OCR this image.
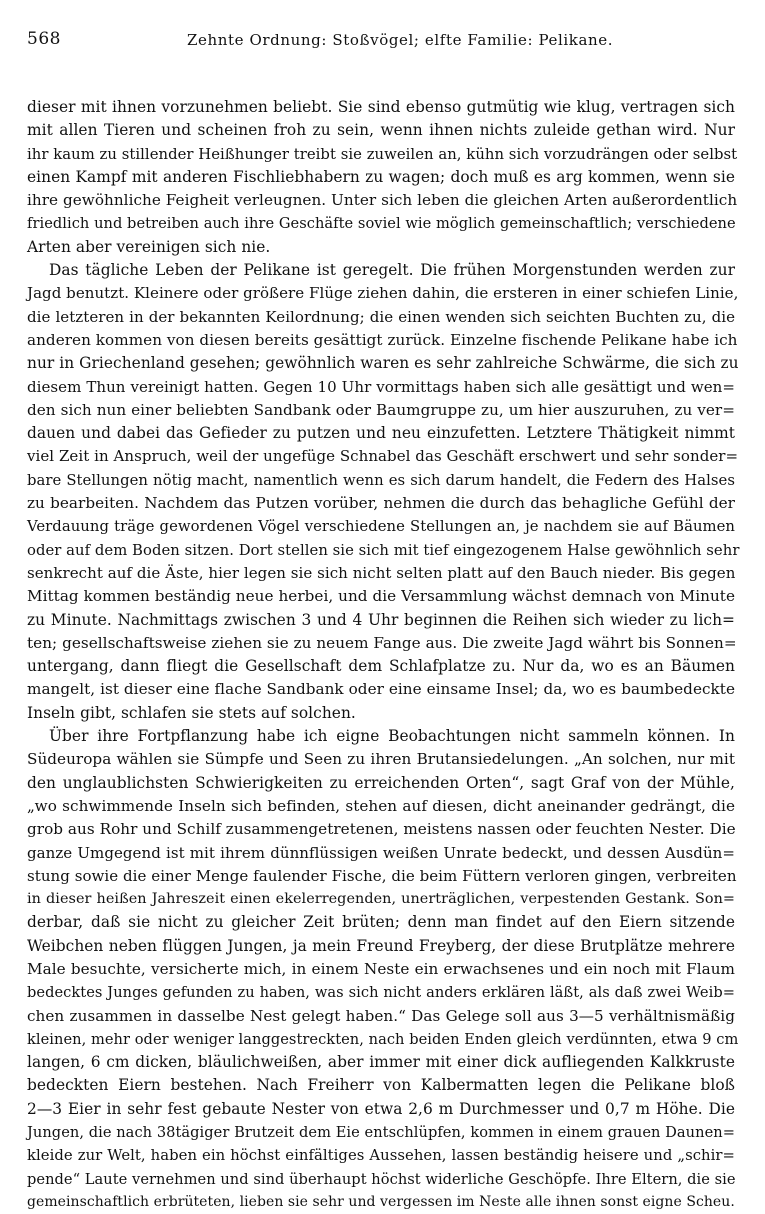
568	Zehnte Ordnung: Stoßvögel; elfte Familie: Pelikane.
dieser mit ihnen vorzunehmen beliebt. Sie sind ebenso gutmütig wie klug, vertragen sich
mit allen Tieren und scheinen froh zu sein, wenn ihnen nichts zuleide gethan wird. Nur
ihr kaum zu stillender Heißhunger treibt sie zuweilen an, kühn sich vorzudrängen oder selbst
einen Kampf mit anderen Fischliebhabern zu wagen; doch muß es arg kommen, wenn sie
ihre gewöhnliche Feigheit verleugnen. Unter sich leben die gleichen Arten außerordentlich
friedlich und betreiben auch ihre Geschäfte soviel wie möglich gemeinschaftlich; verschiedene
Arten aber vereinigen sich nie.
Das tägliche Leben der Pelikane ist geregelt. Die frühen Morgenstunden werden zur
Jagd benutzt. Kleinere oder größere Flüge ziehen dahin, die ersteren in einer schiefen Linie,
die letzteren in der bekannten Keilordnung; die einen wenden sich seichten Buchten zu, die
anderen kommen von diesen bereits gesättigt zurück. Einzelne fischende Pelikane habe ich
nur in Griechenland gesehen; gewöhnlich waren es sehr zahlreiche Schwärme, die sich zu
diesem Thun vereinigt hatten. Gegen 10 Uhr vormittags haben sich alle gesättigt und wen=
den sich nun einer beliebten Sandbank oder Baumgruppe zu, um hier auszuruhen, zu ver=
dauen und dabei das Gefieder zu putzen und neu einzufetten. Letztere Thätigkeit nimmt
viel Zeit in Anspruch, weil der ungefüge Schnabel das Geschäft erschwert und sehr sonder=
bare Stellungen nötig macht, namentlich wenn es sich darum handelt, die Federn des Halses
zu bearbeiten. Nachdem das Putzen vorüber, nehmen die durch das behagliche Gefühl der
Verdauung träge gewordenen Vögel verschiedene Stellungen an, je nachdem sie auf Bäumen
oder auf dem Boden sitzen. Dort stellen sie sich mit tief eingezogenem Halse gewöhnlich sehr
senkrecht auf die Äste, hier legen sie sich nicht selten platt auf den Bauch nieder. Bis gegen
Mittag kommen beständig neue herbei, und die Versammlung wächst demnach von Minute
zu Minute. Nachmittags zwischen 3 und 4 Uhr beginnen die Reihen sich wieder zu lich=
ten; gesellschaftsweise ziehen sie zu neuem Fange aus. Die zweite Jagd währt bis Sonnen=
untergang, dann fliegt die Gesellschaft dem Schlafplatze zu. Nur da, wo es an Bäumen
mangelt, ist dieser eine flache Sandbank oder eine einsame Insel; da, wo es baumbedeckte
Inseln gibt, schlafen sie stets auf solchen.
Über ihre Fortpflanzung habe ich eigne Beobachtungen nicht sammeln können. In
Südeuropa wählen sie Sümpfe und Seen zu ihren Brutansiedelungen. „An solchen, nur mit
den unglaublichsten Schwierigkeiten zu erreichenden Orten“, sagt Graf von der Mühle,
„wo schwimmende Inseln sich befinden, stehen auf diesen, dicht aneinander gedrängt, die
grob aus Rohr und Schilf zusammengetretenen, meistens nassen oder feuchten Nester. Die
ganze Umgegend ist mit ihrem dünnflüssigen weißen Unrate bedeckt, und dessen Ausdün=
stung sowie die einer Menge faulender Fische, die beim Füttern verloren gingen, verbreiten
in dieser heißen Jahreszeit einen ekelerregenden, unerträglichen, verpestenden Gestank. Son=
derbar, daß sie nicht zu gleicher Zeit brüten; denn man findet auf den Eiern sitzende
Weibchen neben flüggen Jungen, ja mein Freund Freyberg, der diese Brutplätze mehrere
Male besuchte, versicherte mich, in einem Neste ein erwachsenes und ein noch mit Flaum
bedecktes Junges gefunden zu haben, was sich nicht anders erklären läßt, als daß zwei Weib=
chen zusammen in dasselbe Nest gelegt haben.“ Das Gelege soll aus 3—5 verhältnismäßig
kleinen, mehr oder weniger langgestreckten, nach beiden Enden gleich verdünnten, etwa 9 cm
langen, 6 cm dicken, bläulichweißen, aber immer mit einer dick aufliegenden Kalkkruste
bedeckten Eiern bestehen. Nach Freiherr von Kalbermatten legen die Pelikane bloß
2—3 Eier in sehr fest gebaute Nester von etwa 2,6 m Durchmesser und 0,7 m Höhe. Die
Jungen, die nach 38tägiger Brutzeit dem Eie entschlüpfen, kommen in einem grauen Daunen=
kleide zur Welt, haben ein höchst einfältiges Aussehen, lassen beständig heisere und „schir=
pende“ Laute vernehmen und sind überhaupt höchst widerliche Geschöpfe. Ihre Eltern, die sie
gemeinschaftlich erbrüteten, lieben sie sehr und vergessen im Neste alle ihnen sonst eigne Scheu.
